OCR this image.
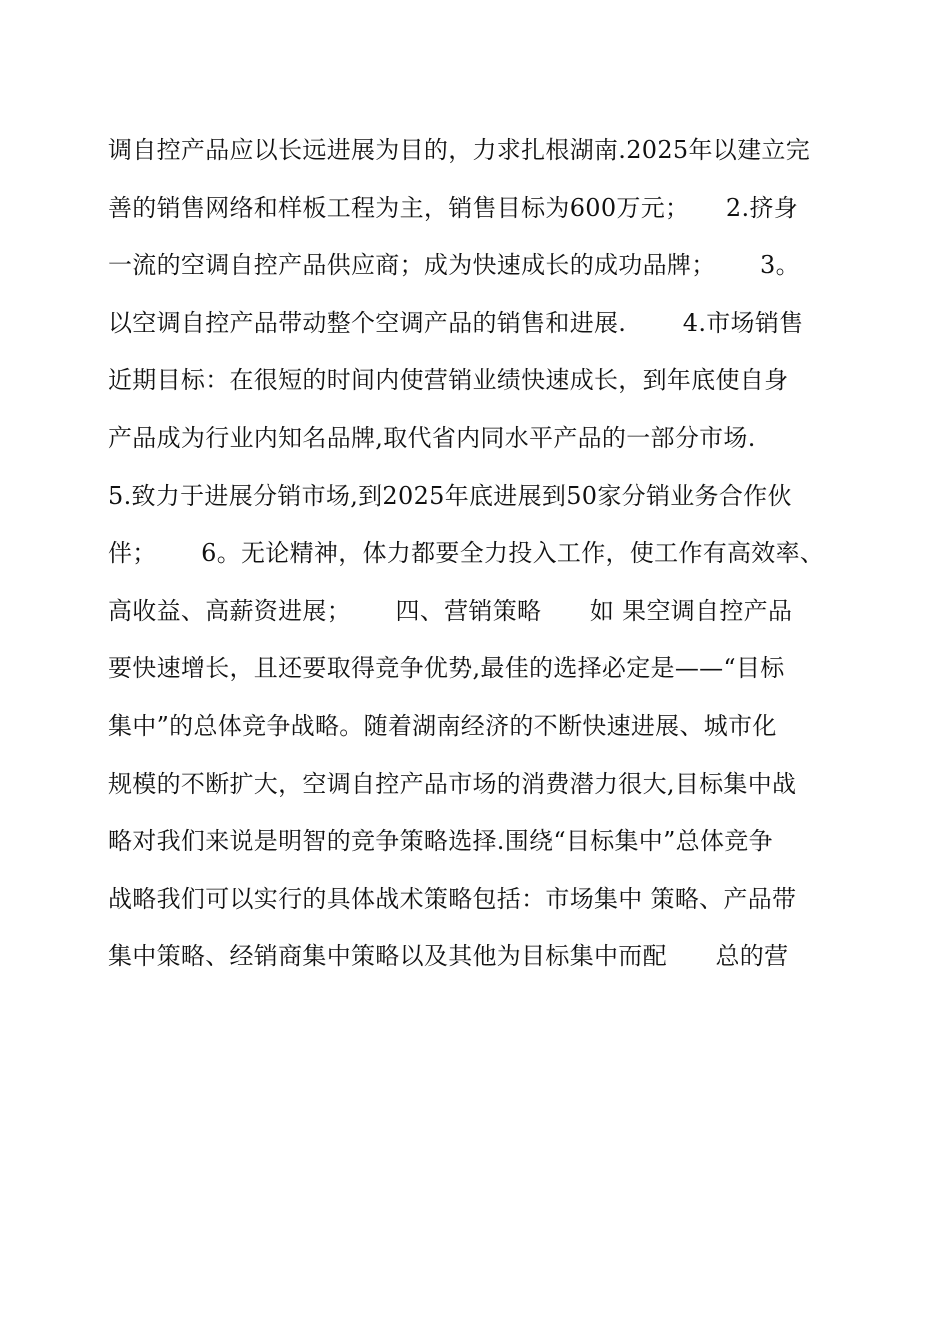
调自控产品应以长远进展为目的，力求扎根湖南.2025年以建立完
善的销售网络和样板工程为主，销售目标为600万元；　　2.挤身
一流的空调自控产品供应商；成为快速成长的成功品牌；　　 3。
以空调自控产品带动整个空调产品的销售和进展.　　 4.市场销售
近期目标：在很短的时间内使营销业绩快速成长，到年底使自身
产品成为行业内知名品牌,取代省内同水平产品的一部分市场.
5.致力于进展分销市场,到2025年底进展到50家分销业务合作伙
伴；　　 6。无论精神，体力都要全力投入工作，使工作有高效率、
高收益、高薪资进展；　　 四、营销策略　　如 果空调自控产品
要快速增长，且还要取得竞争优势,最佳的选择必定是——“目标
集中”的总体竞争战略。随着湖南经济的不断快速进展、城市化
规模的不断扩大，空调自控产品市场的消费潜力很大,目标集中战
略对我们来说是明智的竞争策略选择.围绕“目标集中”总体竞争
战略我们可以实行的具体战术策略包括：市场集中 策略、产品带
集中策略、经销商集中策略以及其他为目标集中而配　　总的营
